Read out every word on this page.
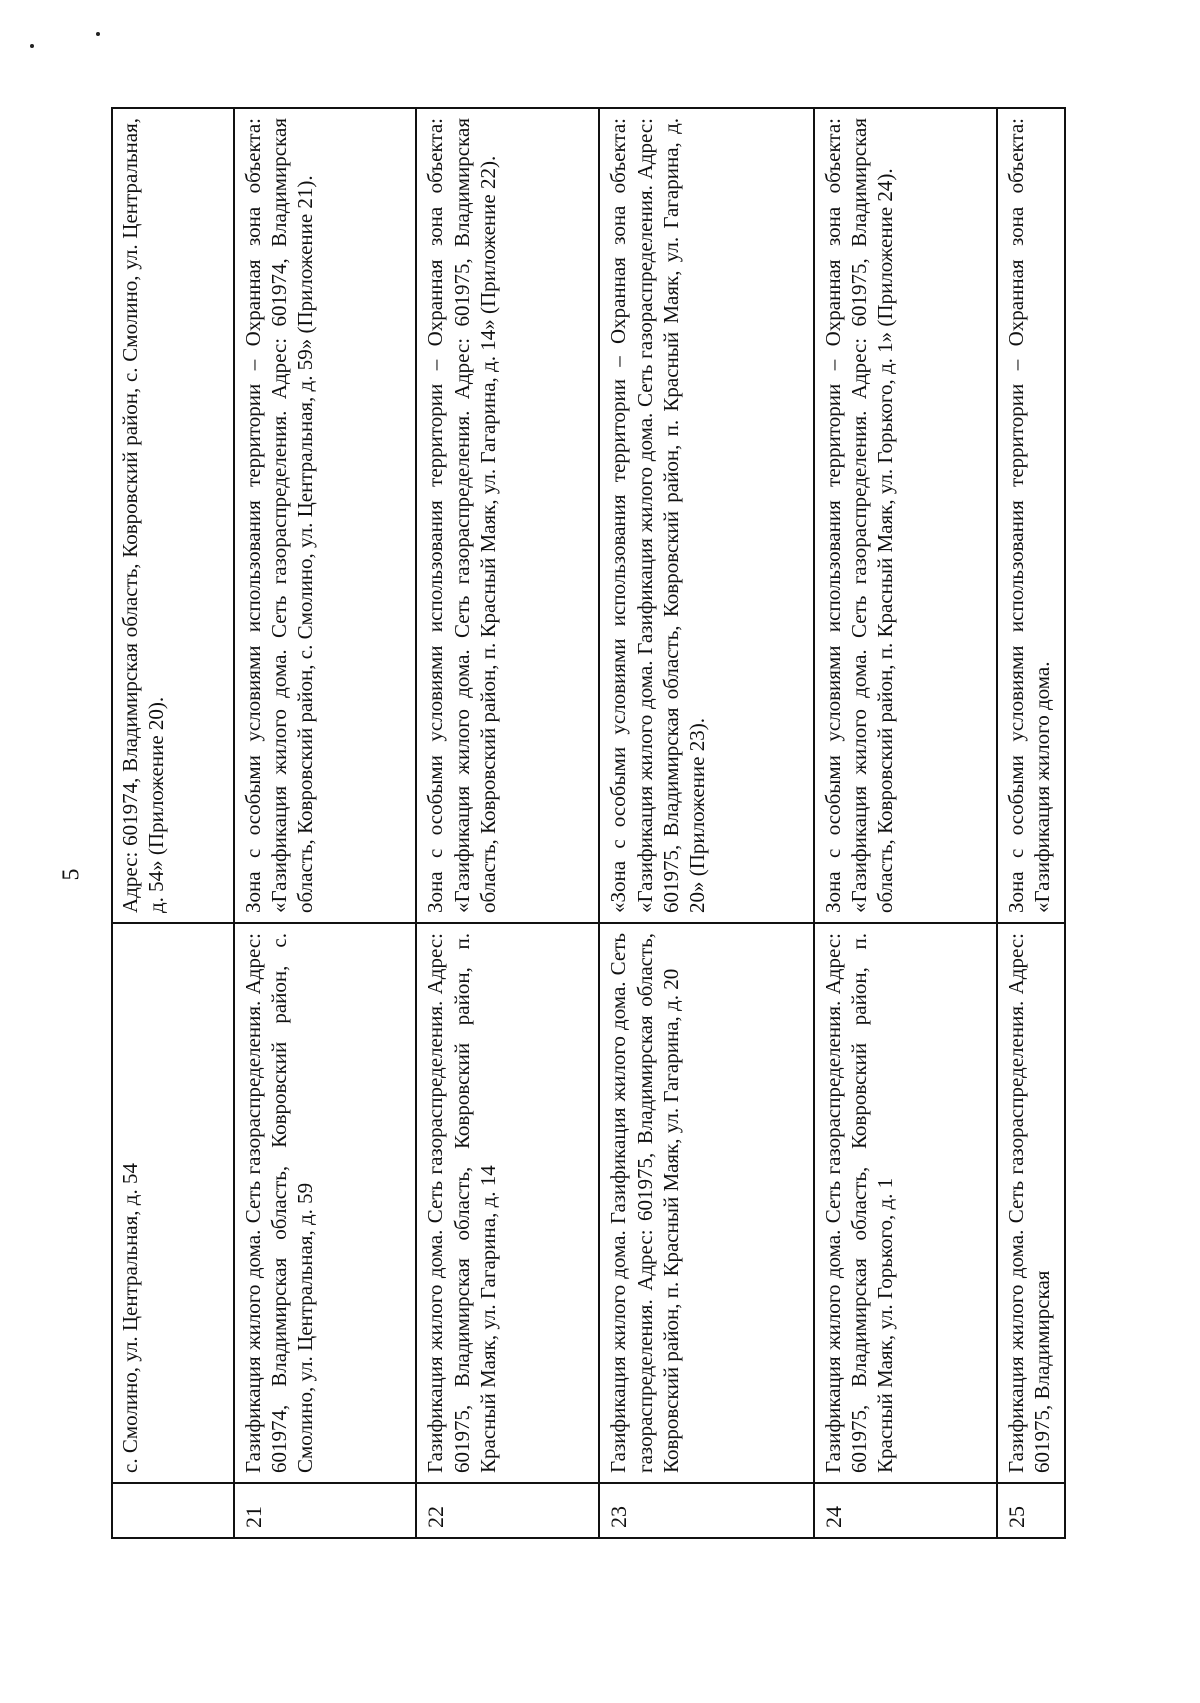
5
	с. Смолино, ул. Центральная, д. 54	Адрес: 601974, Владимирская область, Ковровский район, с. Смолино, ул. Центральная, д. 54» (Приложение 20).
21	Газификация жилого дома. Сеть газораспределения. Адрес: 601974, Владимирская область, Ковровский район, с. Смолино, ул. Центральная, д. 59	Зона с особыми условиями использования территории – Охранная зона объекта: «Газификация жилого дома. Сеть газораспределения. Адрес: 601974, Владимирская область, Ковровский район, с. Смолино, ул. Центральная, д. 59» (Приложение 21).
22	Газификация жилого дома. Сеть газораспределения. Адрес: 601975, Владимирская область, Ковровский район, п. Красный Маяк, ул. Гагарина, д. 14	Зона с особыми условиями использования территории – Охранная зона объекта: «Газификация жилого дома. Сеть газораспределения. Адрес: 601975, Владимирская область, Ковровский район, п. Красный Маяк, ул. Гагарина, д. 14» (Приложение 22).
23	Газификация жилого дома. Газификация жилого дома. Сеть газораспределения. Адрес: 601975, Владимирская область, Ковровский район, п. Красный Маяк, ул. Гагарина, д. 20	«Зона с особыми условиями использования территории – Охранная зона объекта: «Газификация жилого дома. Газификация жилого дома. Сеть газораспределения. Адрес: 601975, Владимирская область, Ковровский район, п. Красный Маяк, ул. Гагарина, д. 20» (Приложение 23).
24	Газификация жилого дома. Сеть газораспределения. Адрес: 601975, Владимирская область, Ковровский район, п. Красный Маяк, ул. Горького, д. 1	Зона с особыми условиями использования территории – Охранная зона объекта: «Газификация жилого дома. Сеть газораспределения. Адрес: 601975, Владимирская область, Ковровский район, п. Красный Маяк, ул. Горького, д. 1» (Приложение 24).
25	Газификация жилого дома. Сеть газораспределения. Адрес: 601975, Владимирская	Зона с особыми условиями использования территории – Охранная зона объекта: «Газификация жилого дома.
